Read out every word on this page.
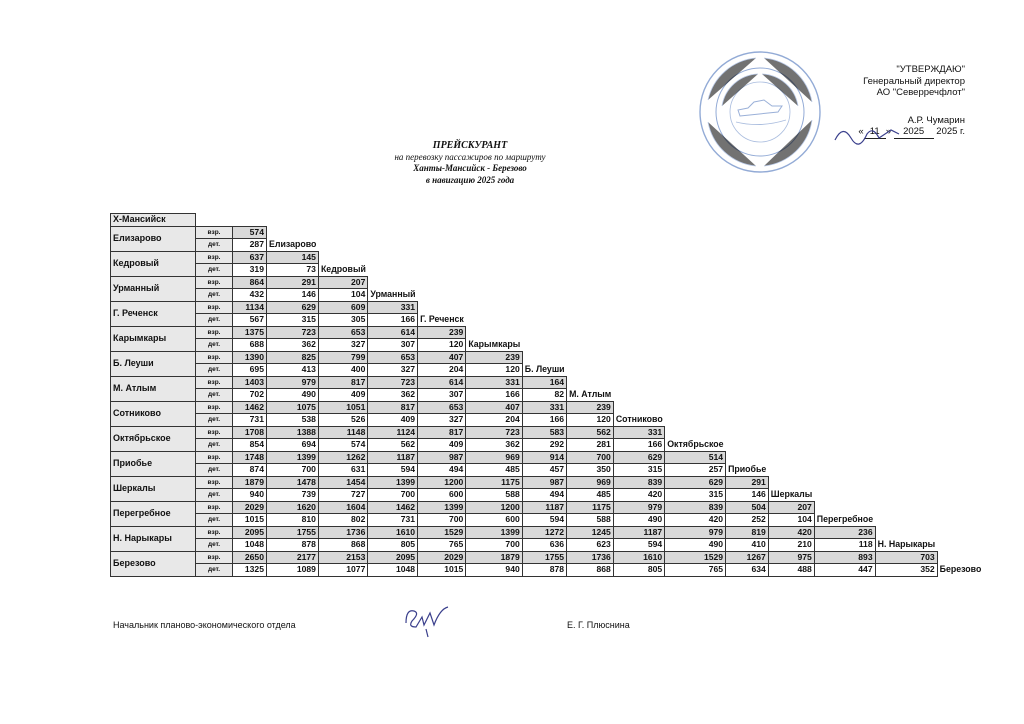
"УТВЕРЖДАЮ"
Генеральный директор
АО "Северречфлот"
А.Р. Чумарин
« 11 » 2025 2025 г.
ПРЕЙСКУРАНТ
на перевозку пассажиров по маршруту
Ханты-Мансийск - Березово
в навигацию 2025 года
Х-Мансийск																
Елизарово	взр.	574														
	дет.	287	Елизарово													
Кедровый	взр.	637	145													
	дет.	319	73	Кедровый												
Урманный	взр.	864	291	207												
	дет.	432	146	104	Урманный											
Г. Реченск	взр.	1134	629	609	331											
	дет.	567	315	305	166	Г. Реченск										
Карымкары	взр.	1375	723	653	614	239										
	дет.	688	362	327	307	120	Карымкары									
Б. Леуши	взр.	1390	825	799	653	407	239									
	дет.	695	413	400	327	204	120	Б. Леуши								
М. Атлым	взр.	1403	979	817	723	614	331	164								
	дет.	702	490	409	362	307	166	82	М. Атлым							
Сотниково	взр.	1462	1075	1051	817	653	407	331	239							
	дет.	731	538	526	409	327	204	166	120	Сотниково						
Октябрьское	взр.	1708	1388	1148	1124	817	723	583	562	331						
	дет.	854	694	574	562	409	362	292	281	166	Октябрьское					
Приобье	взр.	1748	1399	1262	1187	987	969	914	700	629	514					
	дет.	874	700	631	594	494	485	457	350	315	257	Приобье				
Шеркалы	взр.	1879	1478	1454	1399	1200	1175	987	969	839	629	291				
	дет.	940	739	727	700	600	588	494	485	420	315	146	Шеркалы			
Перегребное	взр.	2029	1620	1604	1462	1399	1200	1187	1175	979	839	504	207			
	дет.	1015	810	802	731	700	600	594	588	490	420	252	104	Перегребное		
Н. Нарыкары	взр.	2095	1755	1736	1610	1529	1399	1272	1245	1187	979	819	420	236		
	дет.	1048	878	868	805	765	700	636	623	594	490	410	210	118	Н. Нарыкары	
Березово	взр.	2650	2177	2153	2095	2029	1879	1755	1736	1610	1529	1267	975	893	703	
	дет.	1325	1089	1077	1048	1015	940	878	868	805	765	634	488	447	352	Березово
Начальник планово-экономического отдела	Е. Г. Плюснина
